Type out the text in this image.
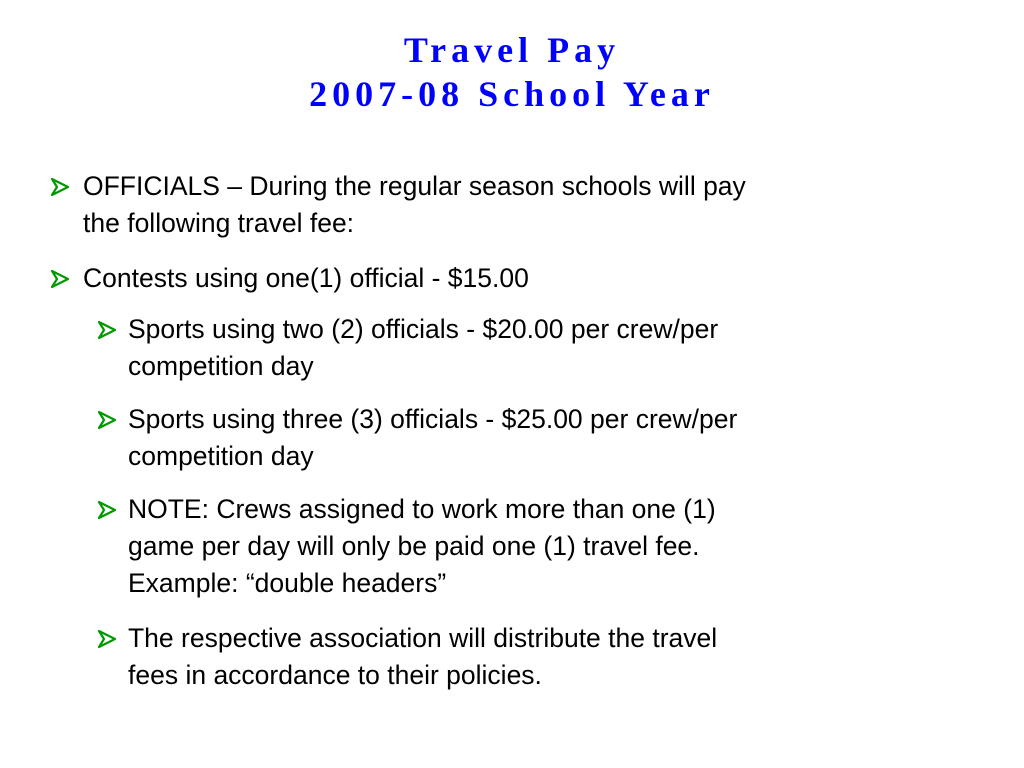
Travel Pay
2007-08 School Year
OFFICIALS – During the regular season schools will pay
the following travel fee:
Contests using one(1) official - $15.00
Sports using two (2) officials - $20.00 per crew/per
competition day
Sports using three (3) officials - $25.00 per crew/per
competition day
NOTE: Crews assigned to work more than one (1)
game per day will only be paid one (1) travel fee.
Example: “double headers”
The respective association will distribute the travel
fees in accordance to their policies.
